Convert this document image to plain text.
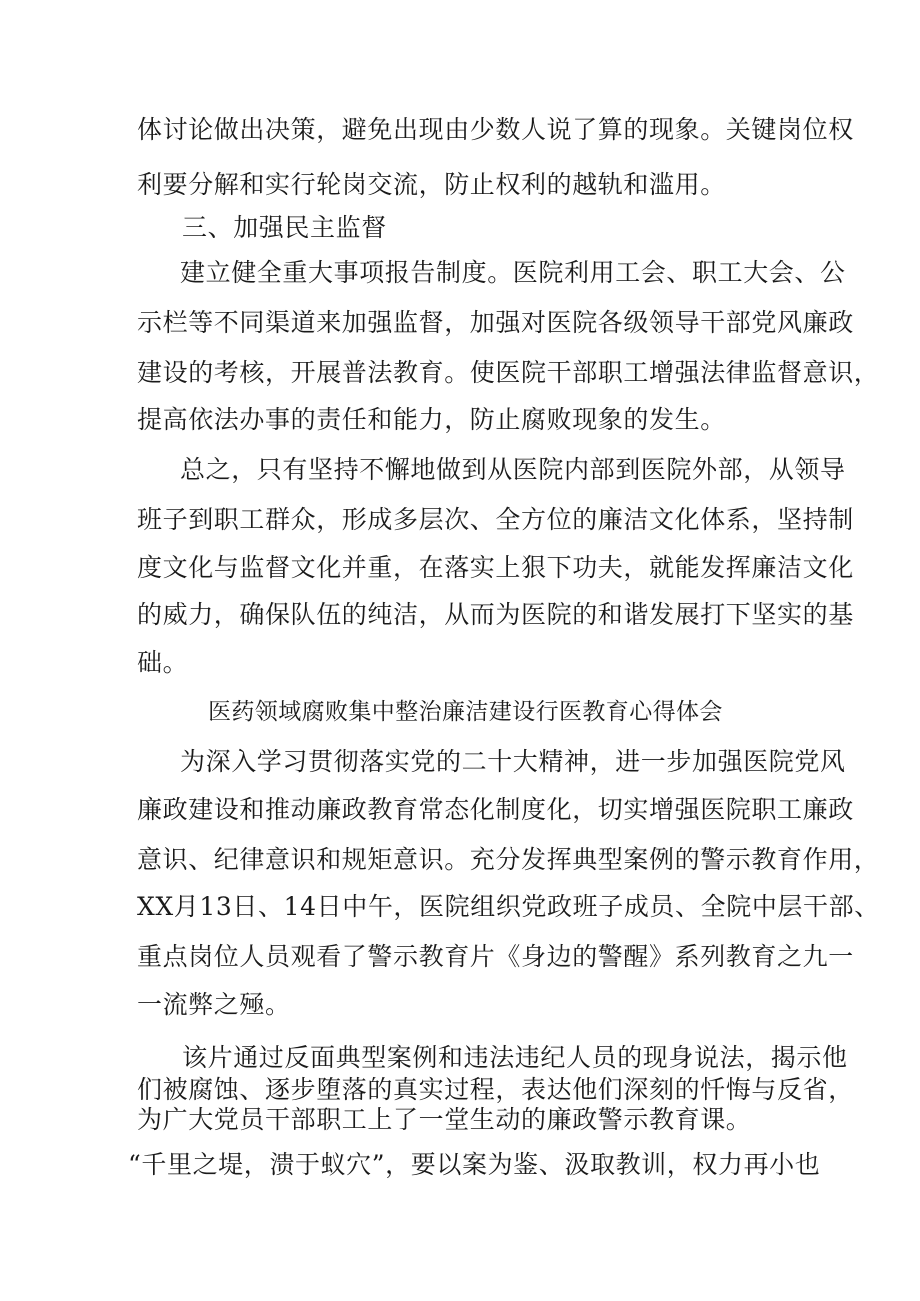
体讨论做出决策，避免出现由少数人说了算的现象。关键岗位权
利要分解和实行轮岗交流，防止权利的越轨和滥用。
三、加强民主监督
建立健全重大事项报告制度。医院利用工会、职工大会、公
示栏等不同渠道来加强监督，加强对医院各级领导干部党风廉政
建设的考核，开展普法教育。使医院干部职工增强法律监督意识，
提高依法办事的责任和能力，防止腐败现象的发生。
总之，只有坚持不懈地做到从医院内部到医院外部，从领导
班子到职工群众，形成多层次、全方位的廉洁文化体系，坚持制
度文化与监督文化并重，在落实上狠下功夫，就能发挥廉洁文化
的威力，确保队伍的纯洁，从而为医院的和谐发展打下坚实的基
础。
医药领域腐败集中整治廉洁建设行医教育心得体会
为深入学习贯彻落实党的二十大精神，进一步加强医院党风
廉政建设和推动廉政教育常态化制度化，切实增强医院职工廉政
意识、纪律意识和规矩意识。充分发挥典型案例的警示教育作用，
XX月13日、14日中午，医院组织党政班子成员、全院中层干部、
重点岗位人员观看了警示教育片《身边的警醒》系列教育之九一
一流弊之殛。
该片通过反面典型案例和违法违纪人员的现身说法，揭示他
们被腐蚀、逐步堕落的真实过程，表达他们深刻的忏悔与反省，
为广大党员干部职工上了一堂生动的廉政警示教育课。
“千里之堤，溃于蚁穴”，要以案为鉴、汲取教训，权力再小也
